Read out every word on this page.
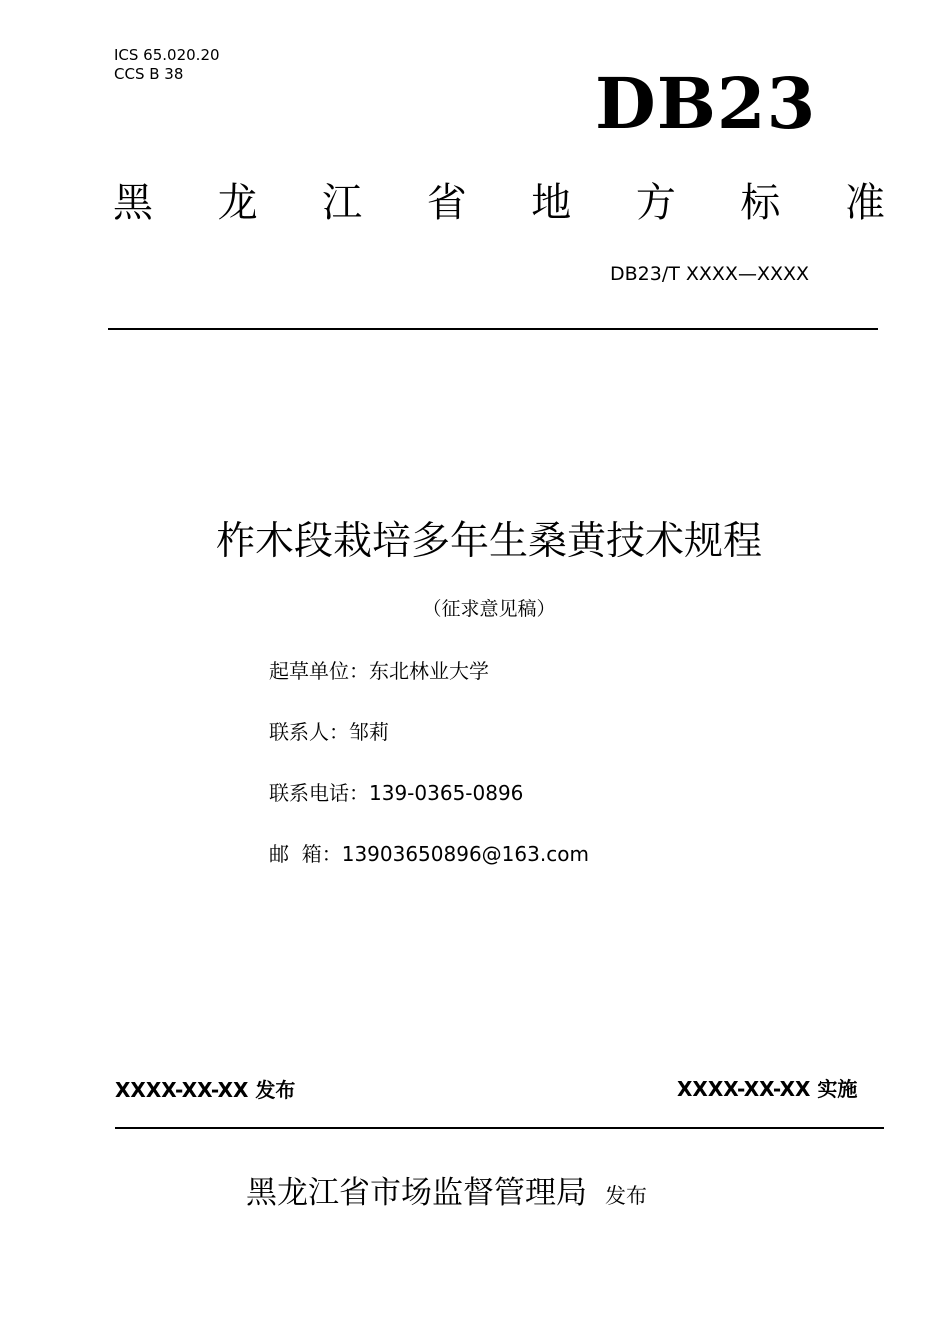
ICS 65.020.20
CCS B 38	DB23
黑 龙 江 省 地 方 标 准
DB23/T XXXX—XXXX
柞木段栽培多年生桑黄技术规程
（征求意见稿）
起草单位：东北林业大学
联系人：邹莉
联系电话：139-0365-0896
邮  箱：13903650896@163.com
XXXX-XX-XX 发布	XXXX-XX-XX 实施
黑龙江省市场监督管理局 发布
